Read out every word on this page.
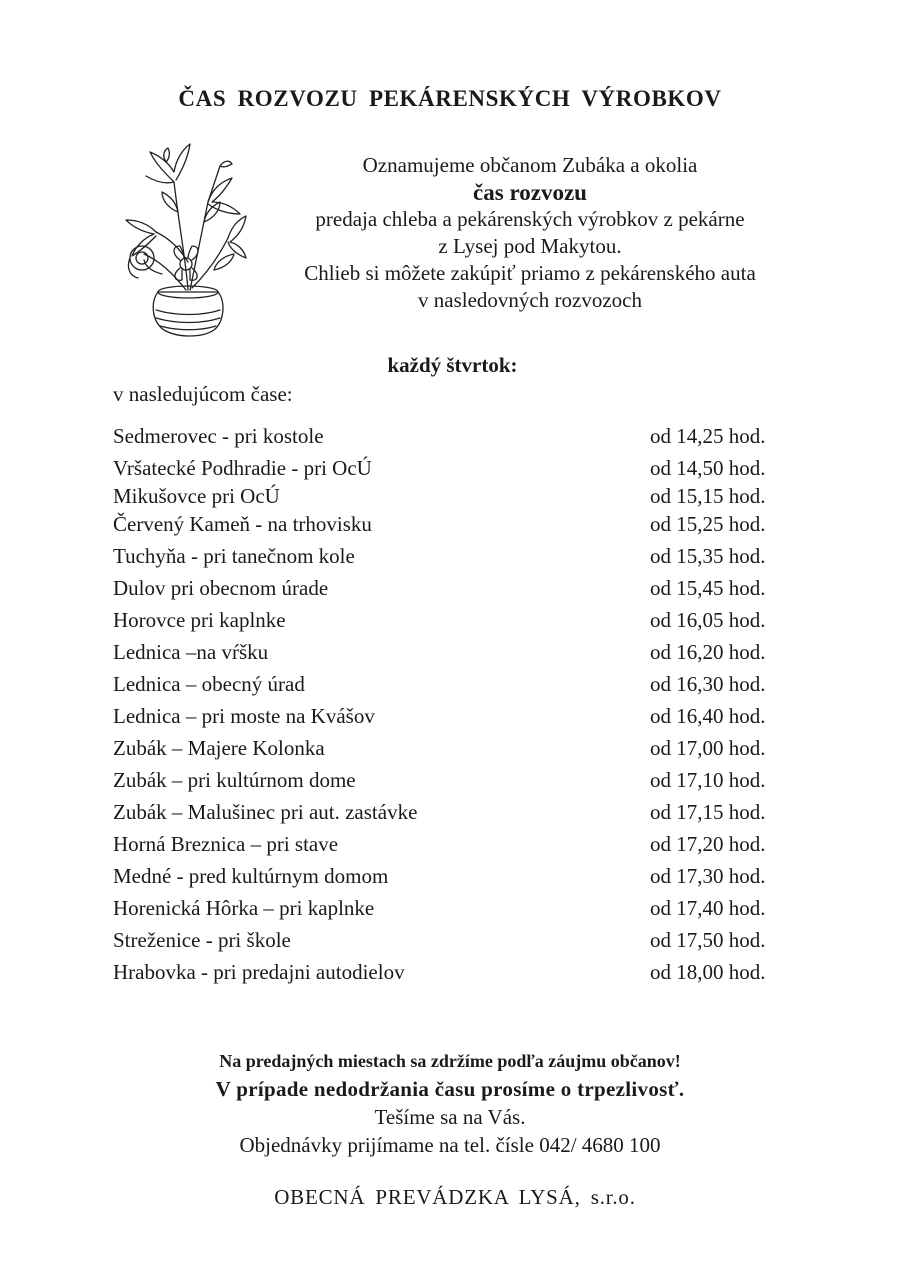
ČAS ROZVOZU PEKÁRENSKÝCH VÝROBKOV
Oznamujeme občanom Zubáka a okolia
čas rozvozu
predaja chleba a pekárenských výrobkov z pekárne
z Lysej pod Makytou.
Chlieb si môžete zakúpiť priamo z pekárenského auta
v nasledovných rozvozoch
každý štvrtok:
v nasledujúcom čase:
Sedmerovec - pri kostole	od 14,25 hod.
Vršatecké Podhradie - pri OcÚ	od 14,50 hod.
Mikušovce pri OcÚ	od 15,15 hod.
Červený Kameň - na trhovisku	od 15,25 hod.
Tuchyňa - pri tanečnom kole	od 15,35 hod.
Dulov pri obecnom úrade	od 15,45 hod.
Horovce pri kaplnke	od 16,05 hod.
Lednica –na vŕšku	od 16,20 hod.
Lednica – obecný úrad	od 16,30 hod.
Lednica – pri moste na Kvášov	od 16,40 hod.
Zubák – Majere Kolonka	od 17,00 hod.
Zubák – pri kultúrnom dome	od 17,10 hod.
Zubák – Malušinec pri aut. zastávke	od 17,15 hod.
Horná Breznica – pri stave	od 17,20 hod.
Medné - pred kultúrnym domom	od 17,30 hod.
Horenická Hôrka – pri kaplnke	od 17,40 hod.
Streženice - pri škole	od 17,50 hod.
Hrabovka - pri predajni autodielov	od 18,00 hod.
Na predajných miestach sa zdržíme podľa záujmu občanov!
V prípade nedodržania času prosíme o trpezlivosť.
Tešíme sa na Vás.
Objednávky prijímame na tel. čísle 042/ 4680 100
OBECNÁ PREVÁDZKA LYSÁ, s.r.o.
